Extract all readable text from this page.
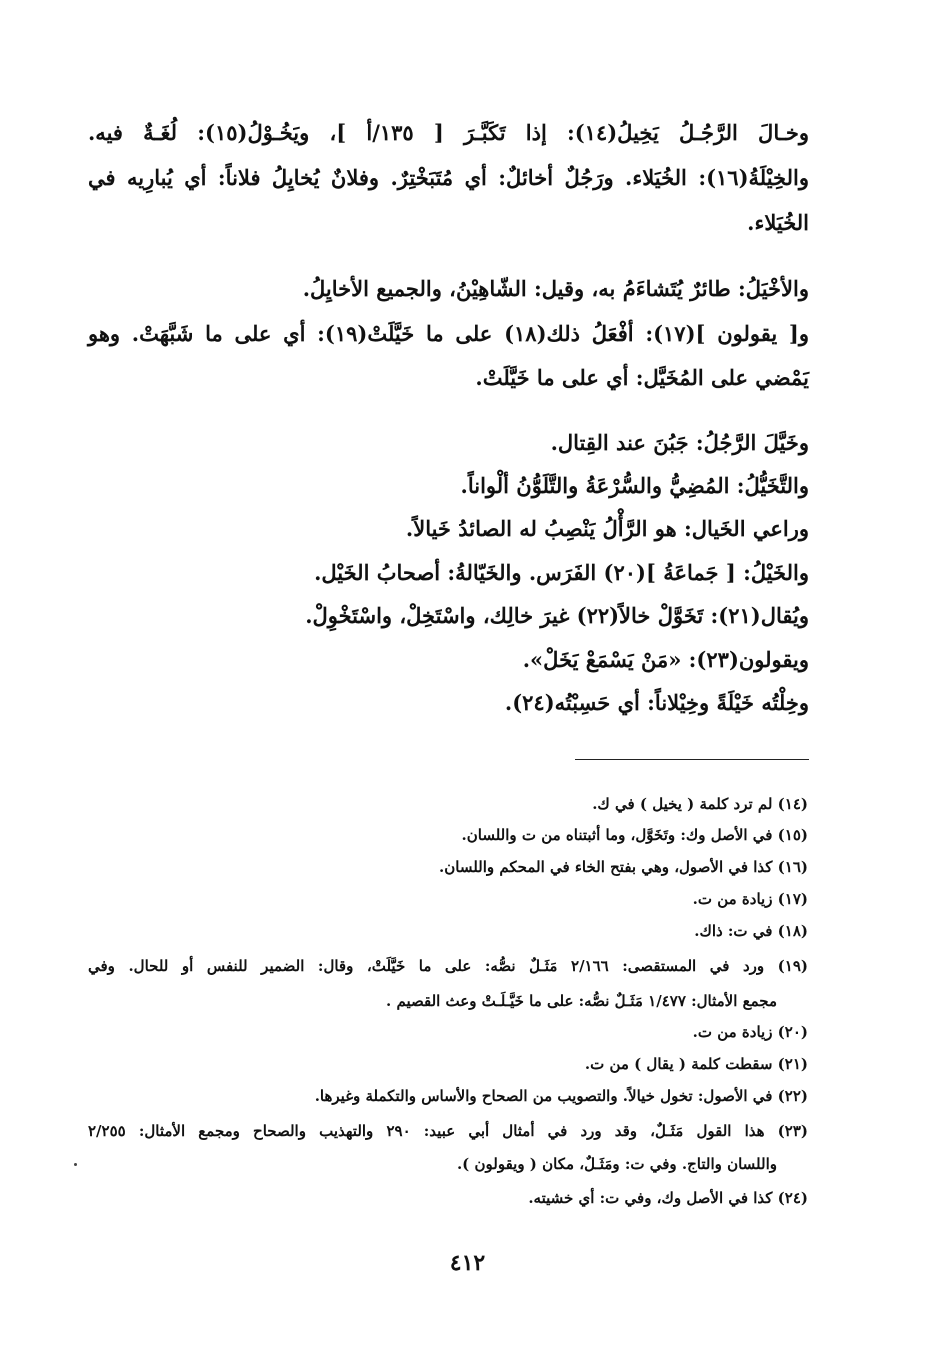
وخـالَ الرَّجُـلُ يَخِيلُ(١٤): إذا تَكَبَّـرَ [ ١٣٥/أ ]، ويَخُـوْلُ(١٥): لُغَـةٌ فيه.

والخِيْلَةُ(١٦): الخُيَلاء. ورَجُلٌ أخائلٌ: أي مُتَبَخْتِرٌ. وفلانٌ يُخايِلُ فلاناً: أي يُبارِيه في

الخُيَلاء.

والأخْيَلُ: طائرٌ يُتَشاءَمُ به، وقيل: الشّاهِيْنُ، والجميع الأخايِلُ.

و[ يقولون ](١٧): أفْعَلُ ذلك(١٨) على ما خَيَّلَتْ(١٩): أي على ما شَبَّهَتْ. وهو

يَمْضي على المُخَيَّل: أي على ما خَيَّلَتْ.

وخَيَّلَ الرَّجُلُ: جَبُنَ عند القِتال.

والتَّخَيُّلُ: المُضِيُّ والسُّرْعَةُ والتَّلَوُّنُ ألْواناً.

وراعي الخَيال: هو الرَّأْلُ يَنْصِبُ له الصائدُ خَيالاً.

والخَيْلُ: [ جَماعَةُ ](٢٠) الفَرَس. والخَيّالةُ: أصحابُ الخَيْل.

ويُقال(٢١): تَخَوَّلْ خالاً(٢٢) غيرَ خالِك، واسْتَخِلْ، واسْتَخْوِلْ.

ويقولون(٢٣): «مَنْ يَسْمَعْ يَخَلْ».

وخِلْتُه خَيْلَةً وخِيْلاناً: أي حَسِبْتُه(٢٤).

(١٤) لم ترد كلمة ( يخيل ) في ك.

(١٥) في الأصل وك: وتَخَوَّل، وما أثبتناه من ت واللسان.

(١٦) كذا في الأصول، وهي بفتح الخاء في المحكم واللسان.

(١٧) زيادة من ت.

(١٨) في ت: ذاك.

(١٩) ورد في المستقصى: ٢/١٦٦ مَثَـلٌ نصُّه: على ما خَيَّلَتْ، وقال: الضمير للنفس أو للحال. وفي

مجمع الأمثال: ١/٤٧٧ مَثَـلٌ نصُّه: على ما خَيَّـلَـتْ وعث القصيم .

(٢٠) زيادة من ت.

(٢١) سقطت كلمة ( يقال ) من ت.

(٢٢) في الأصول: تخول خيالاً. والتصويب من الصحاح والأساس والتكملة وغيرها.

(٢٣) هذا القول مَثَـلٌ، وقد ورد في أمثال أبي عبيد: ٢٩٠ والتهذيب والصحاح ومجمع الأمثال: ٢/٢٥٥

واللسان والتاج. وفي ت: ومَثَـلٌ، مكان ( ويقولون ).

(٢٤) كذا في الأصل وك، وفي ت: أي خشيته.

٤١٢
